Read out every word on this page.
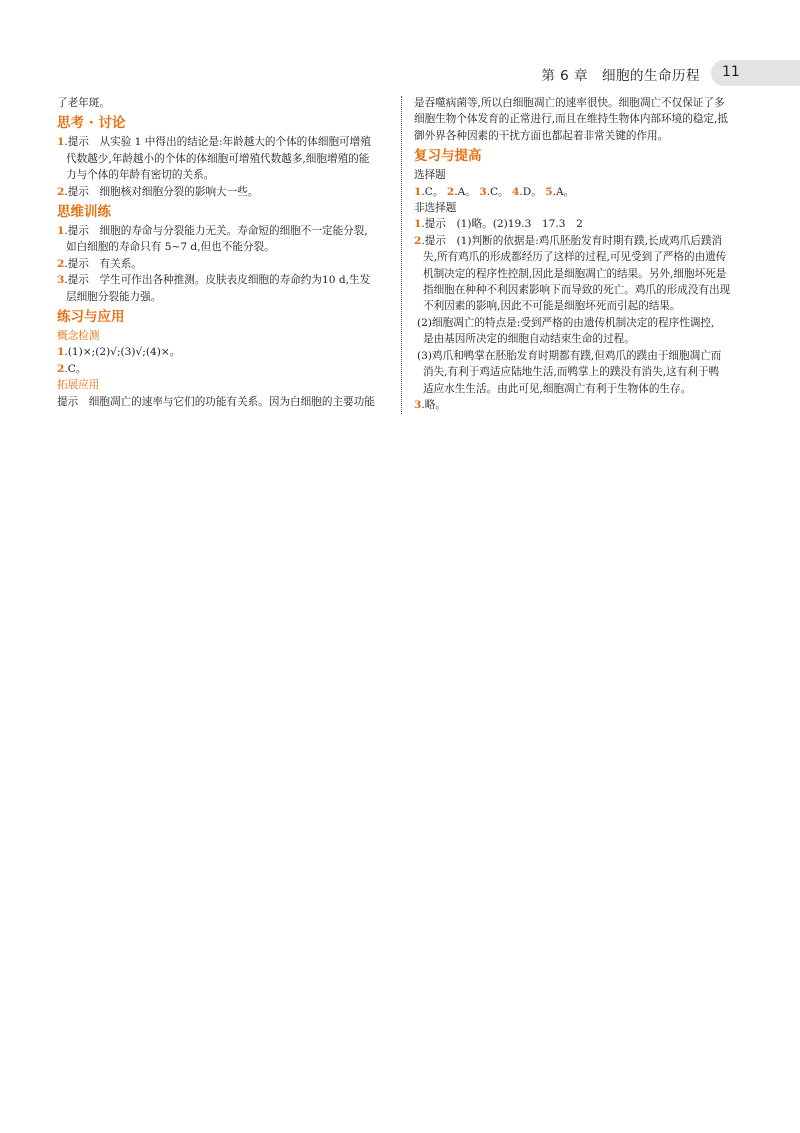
第 6 章　细胞的生命历程 11
了老年斑。
思考 · 讨论
1.提示　从实验 1 中得出的结论是:年龄越大的个体的体细胞可增殖
代数越少,年龄越小的个体的体细胞可增殖代数越多,细胞增殖的能
力与个体的年龄有密切的关系。
2.提示　细胞核对细胞分裂的影响大一些。
思维训练
1.提示　细胞的寿命与分裂能力无关。寿命短的细胞不一定能分裂,
如白细胞的寿命只有 5~7 d,但也不能分裂。
2.提示　有关系。
3.提示　学生可作出各种推测。皮肤表皮细胞的寿命约为10 d,生发
层细胞分裂能力强。
练习与应用
概念检测
1.(1)×;(2)√;(3)√;(4)×。
2.C。
拓展应用
提示　细胞凋亡的速率与它们的功能有关系。因为白细胞的主要功能
是吞噬病菌等,所以白细胞凋亡的速率很快。细胞凋亡不仅保证了多
细胞生物个体发育的正常进行,而且在维持生物体内部环境的稳定,抵
御外界各种因素的干扰方面也都起着非常关键的作用。
复习与提高
选择题
1.C。 2.A。 3.C。 4.D。 5.A。
非选择题
1.提示　(1)略。(2)19.3　17.3　2
2.提示　(1)判断的依据是:鸡爪胚胎发育时期有蹼,长成鸡爪后蹼消
失,所有鸡爪的形成都经历了这样的过程,可见受到了严格的由遗传
机制决定的程序性控制,因此是细胞凋亡的结果。另外,细胞坏死是
指细胞在种种不利因素影响下而导致的死亡。鸡爪的形成没有出现
不利因素的影响,因此不可能是细胞坏死而引起的结果。
(2)细胞凋亡的特点是:受到严格的由遗传机制决定的程序性调控,
是由基因所决定的细胞自动结束生命的过程。
(3)鸡爪和鸭掌在胚胎发育时期都有蹼,但鸡爪的蹼由于细胞凋亡而
消失,有利于鸡适应陆地生活,而鸭掌上的蹼没有消失,这有利于鸭
适应水生生活。由此可见,细胞凋亡有利于生物体的生存。
3.略。
